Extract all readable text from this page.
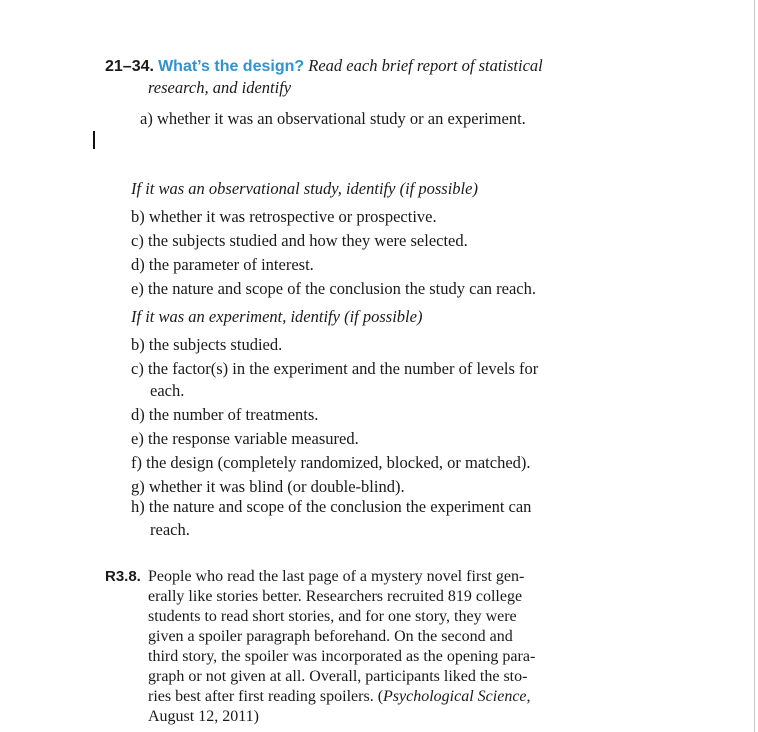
21–34. What’s the design? Read each brief report of statistical
research, and identify
a) whether it was an observational study or an experiment.
If it was an observational study, identify (if possible)
b) whether it was retrospective or prospective.
c) the subjects studied and how they were selected.
d) the parameter of interest.
e) the nature and scope of the conclusion the study can reach.
If it was an experiment, identify (if possible)
b) the subjects studied.
c) the factor(s) in the experiment and the number of levels for
each.
d) the number of treatments.
e) the response variable measured.
f) the design (completely randomized, blocked, or matched).
g) whether it was blind (or double-blind).
h) the nature and scope of the conclusion the experiment can
reach.
R3.8. People who read the last page of a mystery novel first gen-
erally like stories better. Researchers recruited 819 college
students to read short stories, and for one story, they were
given a spoiler paragraph beforehand. On the second and
third story, the spoiler was incorporated as the opening para-
graph or not given at all. Overall, participants liked the sto-
ries best after first reading spoilers. (Psychological Science,
August 12, 2011)
